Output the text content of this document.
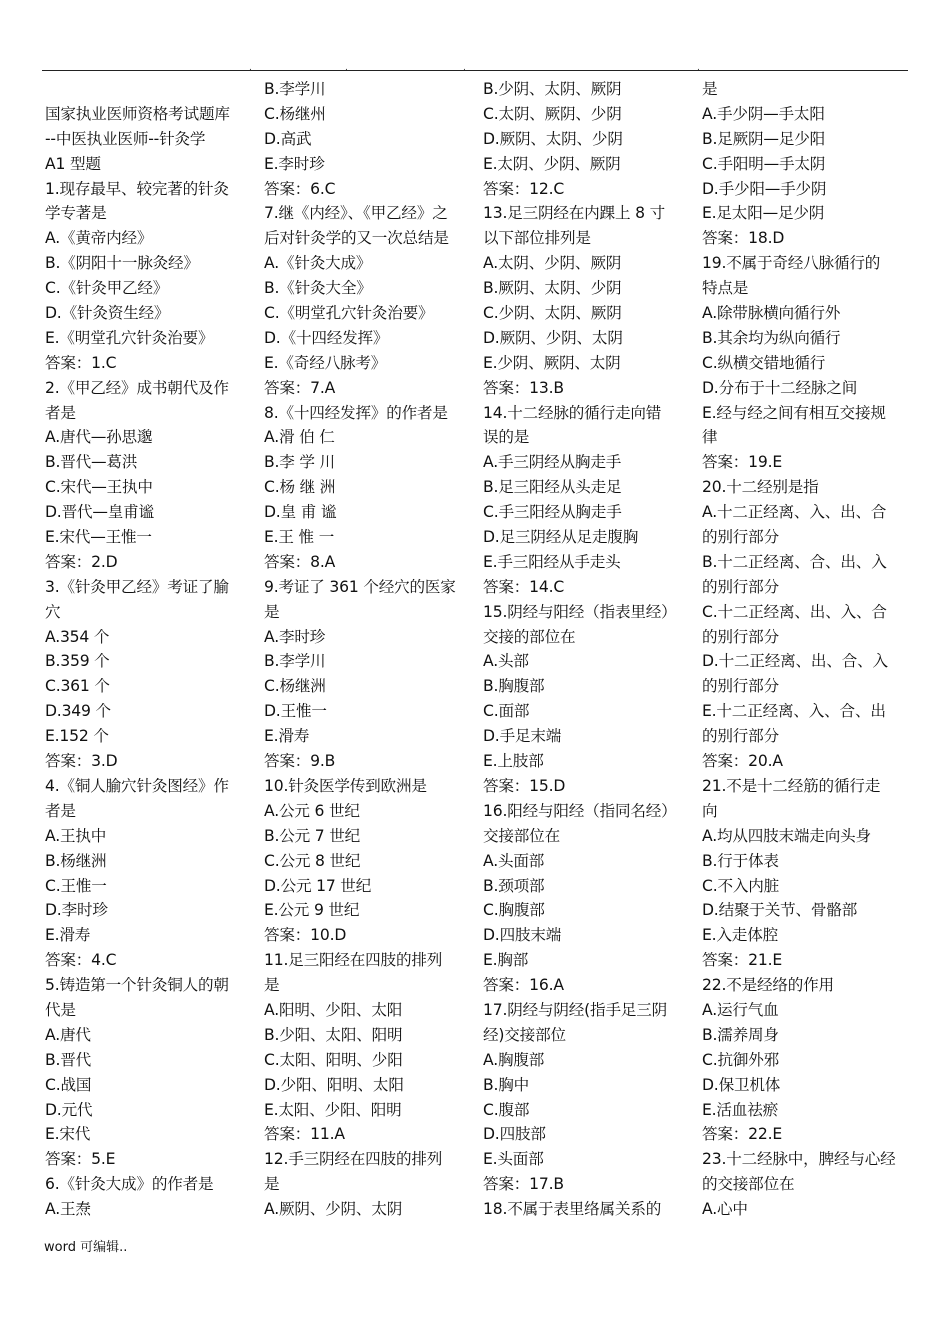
.	.	.	.
国家执业医师资格考试题库
--中医执业医师--针灸学
A1 型题
1.现存最早、较完著的针灸
学专著是
A.《黄帝内经》
B.《阴阳十一脉灸经》
C.《针灸甲乙经》
D.《针灸资生经》
E.《明堂孔穴针灸治要》
答案：1.C
2.《甲乙经》成书朝代及作
者是
A.唐代—孙思邈
B.晋代—葛洪
C.宋代—王执中
D.晋代—皇甫谧
E.宋代—王惟一
答案：2.D
3.《针灸甲乙经》考证了腧
穴
A.354 个
B.359 个
C.361 个
D.349 个
E.152 个
答案：3.D
4.《铜人腧穴针灸图经》作
者是
A.王执中
B.杨继洲
C.王惟一
D.李时珍
E.滑寿
答案：4.C
5.铸造第一个针灸铜人的朝
代是
A.唐代
B.晋代
C.战国
D.元代
E.宋代
答案：5.E
6.《针灸大成》的作者是
A.王焘
B.李学川
C.杨继州
D.高武
E.李时珍
答案：6.C
7.继《内经》、《甲乙经》之
后对针灸学的又一次总结是
A.《针灸大成》
B.《针灸大全》
C.《明堂孔穴针灸治要》
D.《十四经发挥》
E.《奇经八脉考》
答案：7.A
8.《十四经发挥》的作者是
A.滑 伯 仁
B.李 学 川
C.杨 继 洲
D.皇 甫 谧
E.王 惟 一
答案：8.A
9.考证了 361 个经穴的医家
是
A.李时珍
B.李学川
C.杨继洲
D.王惟一
E.滑寿
答案：9.B
10.针灸医学传到欧洲是
A.公元 6 世纪
B.公元 7 世纪
C.公元 8 世纪
D.公元 17 世纪
E.公元 9 世纪
答案：10.D
11.足三阳经在四肢的排列
是
A.阳明、少阳、太阳
B.少阳、太阳、阳明
C.太阳、阳明、少阳
D.少阳、阳明、太阳
E.太阳、少阳、阳明
答案：11.A
12.手三阴经在四肢的排列
是
A.厥阴、少阴、太阴
B.少阴、太阴、厥阴
C.太阴、厥阴、少阴
D.厥阴、太阴、少阴
E.太阴、少阴、厥阴
答案：12.C
13.足三阴经在内踝上 8 寸
以下部位排列是
A.太阴、少阴、厥阴
B.厥阴、太阴、少阴
C.少阴、太阴、厥阴
D.厥阴、少阴、太阴
E.少阴、厥阴、太阴
答案：13.B
14.十二经脉的循行走向错
误的是
A.手三阴经从胸走手
B.足三阳经从头走足
C.手三阳经从胸走手
D.足三阴经从足走腹胸
E.手三阳经从手走头
答案：14.C
15.阴经与阳经（指表里经）
交接的部位在
A.头部
B.胸腹部
C.面部
D.手足末端
E.上肢部
答案：15.D
16.阳经与阳经（指同名经）
交接部位在
A.头面部
B.颈项部
C.胸腹部
D.四肢末端
E.胸部
答案：16.A
17.阴经与阴经(指手足三阴
经)交接部位
A.胸腹部
B.胸中
C.腹部
D.四肢部
E.头面部
答案：17.B
18.不属于表里络属关系的
是
A.手少阴—手太阳
B.足厥阴—足少阳
C.手阳明—手太阴
D.手少阳—手少阴
E.足太阳—足少阴
答案：18.D
19.不属于奇经八脉循行的
特点是
A.除带脉横向循行外
B.其余均为纵向循行
C.纵横交错地循行
D.分布于十二经脉之间
E.经与经之间有相互交接规
律
答案：19.E
20.十二经别是指
A.十二正经离、入、出、合
的别行部分
B.十二正经离、合、出、入
的别行部分
C.十二正经离、出、入、合
的别行部分
D.十二正经离、出、合、入
的别行部分
E.十二正经离、入、合、出
的别行部分
答案：20.A
21.不是十二经筋的循行走
向
A.均从四肢末端走向头身
B.行于体表
C.不入内脏
D.结聚于关节、骨骼部
E.入走体腔
答案：21.E
22.不是经络的作用
A.运行气血
B.濡养周身
C.抗御外邪
D.保卫机体
E.活血祛瘀
答案：22.E
23.十二经脉中，脾经与心经
的交接部位在
A.心中
word 可编辑..
